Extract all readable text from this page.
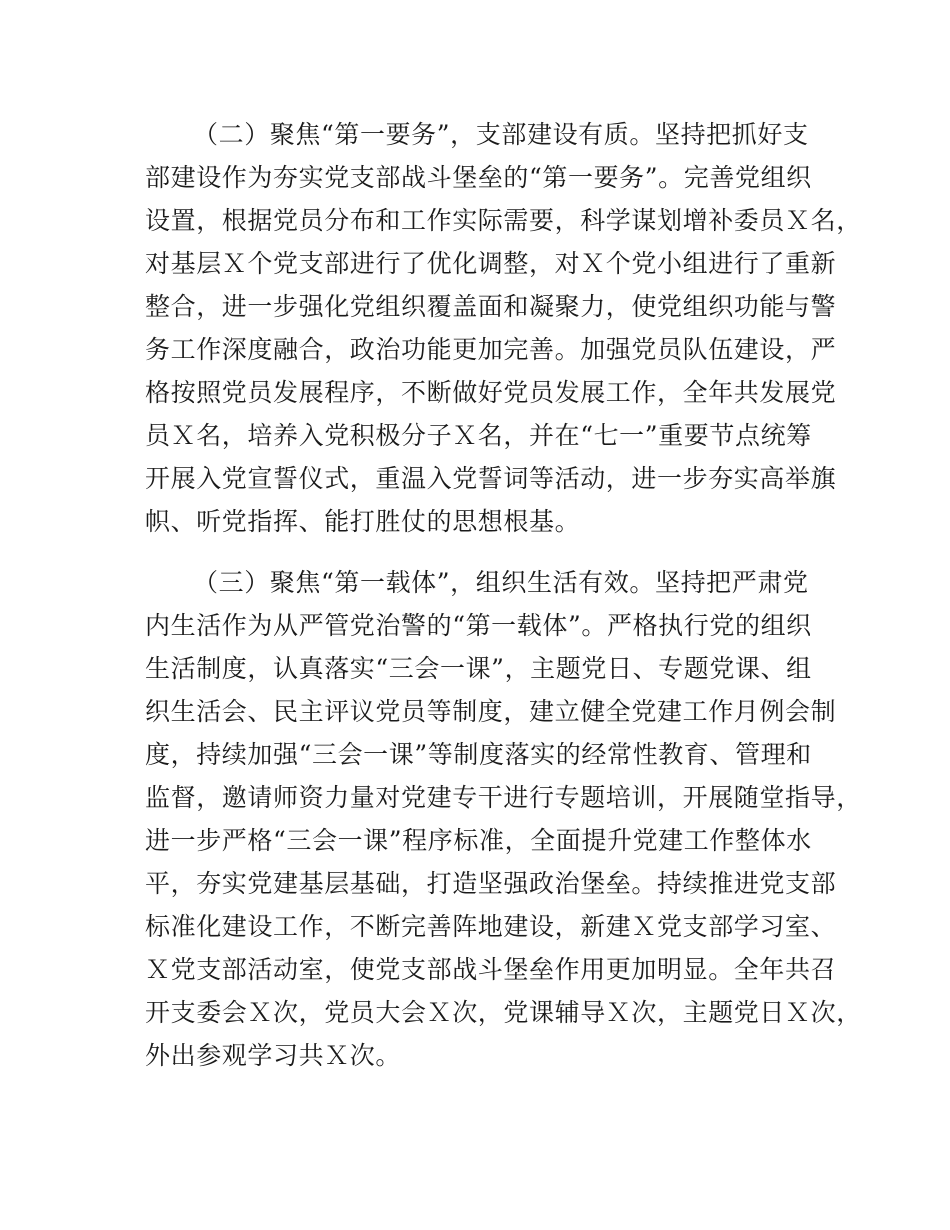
（二）聚焦“第一要务”，支部建设有质。坚持把抓好支
部建设作为夯实党支部战斗堡垒的“第一要务”。完善党组织
设置，根据党员分布和工作实际需要，科学谋划增补委员Ｘ名，
对基层Ｘ个党支部进行了优化调整，对Ｘ个党小组进行了重新
整合，进一步强化党组织覆盖面和凝聚力，使党组织功能与警
务工作深度融合，政治功能更加完善。加强党员队伍建设，严
格按照党员发展程序，不断做好党员发展工作，全年共发展党
员Ｘ名，培养入党积极分子Ｘ名，并在“七一”重要节点统筹
开展入党宣誓仪式，重温入党誓词等活动，进一步夯实高举旗
帜、听党指挥、能打胜仗的思想根基。
（三）聚焦“第一载体”，组织生活有效。坚持把严肃党
内生活作为从严管党治警的“第一载体”。严格执行党的组织
生活制度，认真落实“三会一课”，主题党日、专题党课、组
织生活会、民主评议党员等制度，建立健全党建工作月例会制
度，持续加强“三会一课”等制度落实的经常性教育、管理和
监督，邀请师资力量对党建专干进行专题培训，开展随堂指导，
进一步严格“三会一课”程序标准，全面提升党建工作整体水
平，夯实党建基层基础，打造坚强政治堡垒。持续推进党支部
标准化建设工作，不断完善阵地建设，新建Ｘ党支部学习室、
Ｘ党支部活动室，使党支部战斗堡垒作用更加明显。全年共召
开支委会Ｘ次，党员大会Ｘ次，党课辅导Ｘ次，主题党日Ｘ次，
外出参观学习共Ｘ次。
